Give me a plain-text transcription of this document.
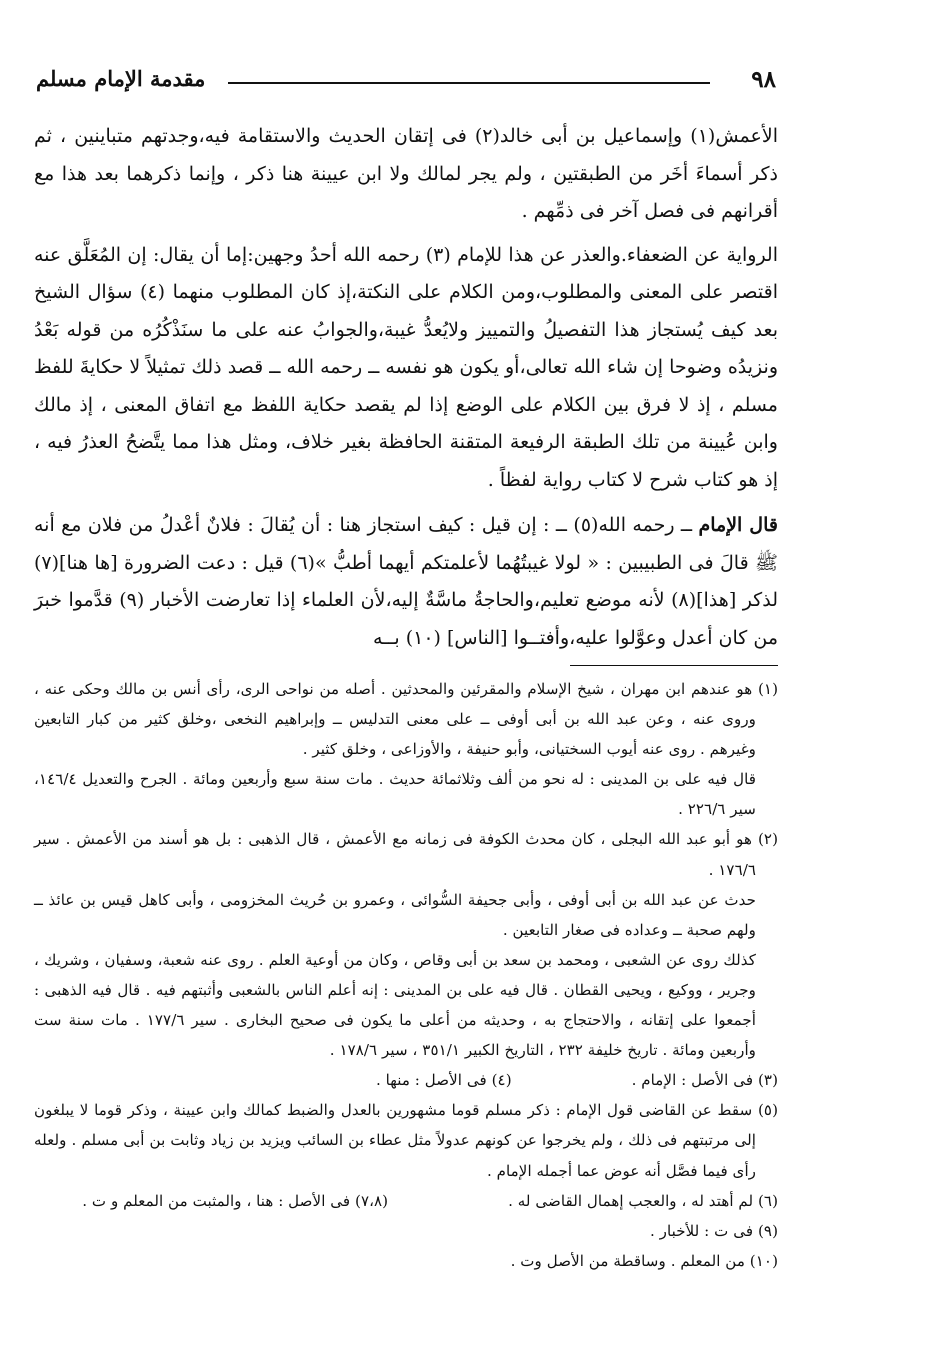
٩٨
مقدمة الإمام مسلم

الأعمش(١) وإسماعيل بن أبى خالد(٢) فى إتقان الحديث والاستقامة فيه،وجدتهم متباينين ، ثم ذكر أسماءَ أخَر من الطبقتين ، ولم يجر لمالك ولا ابن عيينة هنا ذكر ، وإنما ذكرهما بعد هذا مع أقرانهم فى فصل آخر فى ذمِّهم .

الرواية عن الضعفاء.والعذر عن هذا للإمام (٣) رحمه الله أحدُ وجهين:إما أن يقال: إن المُعَلَّق عنه اقتصر على المعنى والمطلوب،ومن الكلام على النكتة،إذ كان المطلوب منهما (٤) سؤال الشيخ بعد كيف يُستجاز هذا التفصيلُ والتمييز ولايُعدُّ غيبة،والجوابُ عنه على ما سنَذْكُرُه من قوله بَعْدُ ونزيدُه وضوحا إن شاء الله تعالى،أو يكون هو نفسه ــ رحمه الله ــ قصد ذلك تمثيلاً لا حكايةَ للفظ مسلم ، إذ لا فرق بين الكلام على الوضع إذا لم يقصد حكاية اللفظ مع اتفاق المعنى ، إذ مالك وابن عُيينة من تلك الطبقة الرفيعة المتقنة الحافظة بغير خلاف، ومثل هذا مما يتَّضحُ العذرُ فيه ، إذ هو كتاب شرح لا كتاب رواية لفظاً .

قال الإمام ــ رحمه الله(٥) ــ : إن قيل : كيف استجاز هنا : أن يُقالَ : فلانٌ أعْدلُ من فلان مع أنه ﷺ قالَ فى الطبيبين : « لولا غيبتُهُما لأعلمتكم أيهما أطبُّ »(٦) قيل : دعت الضرورة [ها هنا](٧) لذكر [هذا](٨) لأنه موضع تعليم،والحاجةُ ماسَّةٌ إليه،لأن العلماء إذا تعارضت الأخبار (٩) قدَّموا خبرَ من كان أعدل وعوَّلوا عليه،وأفتــوا [الناس] (١٠) بــه

(١) هو عندهم ابن مهران ، شيخ الإسلام والمقرئين والمحدثين . أصله من نواحى الرى، رأى أنس بن مالك وحكى عنه ، وروى عنه ، وعن عبد الله بن أبى أوفى ــ على معنى التدليس ــ وإبراهيم النخعى ،وخلق كثير من كبار التابعين وغيرهم . روى عنه أيوب السختيانى، وأبو حنيفة ، والأوزاعى ، وخلق كثير .

قال فيه على بن المدينى : له نحو من ألف وثلاثمائة حديث . مات سنة سبع وأربعين ومائة . الجرح والتعديل ١٤٦/٤، سير ٢٢٦/٦ .

(٢) هو أبو عبد الله البجلى ، كان محدث الكوفة فى زمانه مع الأعمش ، قال الذهبى : بل هو أسند من الأعمش . سير ١٧٦/٦ .

حدث عن عبد الله بن أبى أوفى ، وأبى جحيفة السُّوائى ، وعمرو بن حُريث المخزومى ، وأبى كاهل قيس بن عائذ ــ ولهم صحبة ــ وعداده فى صغار التابعين .

كذلك روى عن الشعبى ، ومحمد بن سعد بن أبى وقاص ، وكان من أوعية العلم . روى عنه شعبة، وسفيان ، وشريك ، وجرير ، ووكيع ، ويحيى القطان . قال فيه على بن المدينى : إنه أعلم الناس بالشعبى وأثبتهم فيه . قال فيه الذهبى : أجمعوا على إتقانه ، والاحتجاج به ، وحديثه من أعلى ما يكون فى صحيح البخارى . سير ١٧٧/٦ . مات سنة ست وأربعين ومائة . تاريخ خليفة ٢٣٢ ، التاريخ الكبير ٣٥١/١ ، سير ١٧٨/٦ .

(٣) فى الأصل : الإمام .
(٤) فى الأصل : منها .

(٥) سقط عن القاضى قول الإمام : ذكر مسلم قوما مشهورين بالعدل والضبط كمالك وابن عيينة ، وذكر قوما لا يبلغون إلى مرتبتهم فى ذلك ، ولم يخرجوا عن كونهم عدولاً مثل عطاء بن السائب ويزيد بن زياد وثابت بن أبى مسلم . ولعله رأى فيما فصَّل أنه عوض عما أجمله الإمام .

(٦) لم أهتد له ، والعجب إهمال القاضى له .
(٧،٨) فى الأصل : هنا ، والمثبت من المعلم و ت .

(٩) فى ت : للأخبار .

(١٠) من المعلم . وساقطة من الأصل وت .
